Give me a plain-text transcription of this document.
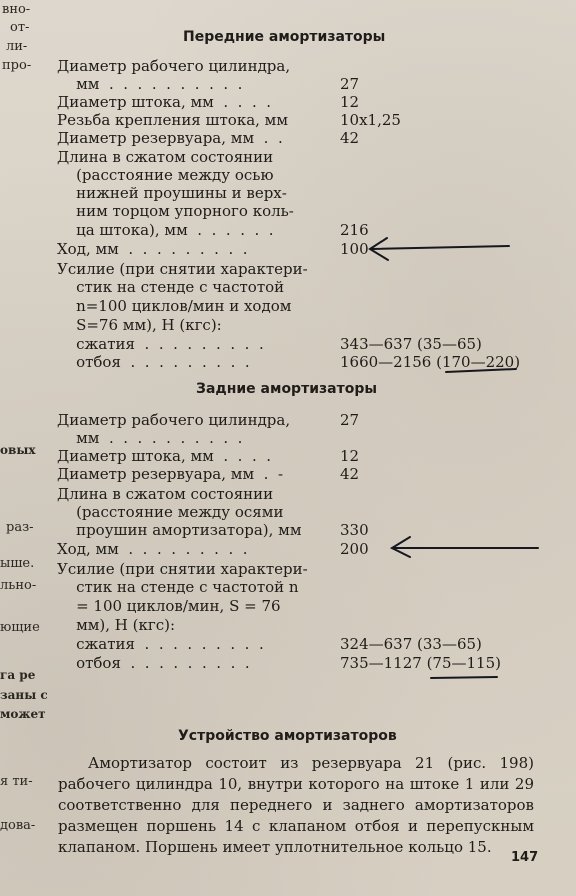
вно-
от-
ли-
про-
овых
раз-
ыше.
льно-
ющие
га ре
заны с
может
я ти-
дова-
Передние амортизаторы
Диаметр рабочего цилиндра,
мм  .  .  .  .  .  .  .  .  .  .	27
Диаметр штока, мм  .  .  .  .	12
Резьба крепления штока, мм	10х1,25
Диаметр резервуара, мм  .  .	42
Длина в сжатом состоянии
(расстояние между осью
нижней проушины и верх-
ним торцом упорного коль-
ца штока), мм  .  .  .  .  .  .	216
Ход, мм  .  .  .  .  .  .  .  .  .	100
Усилие (при снятии характери-
стик на стенде с частотой
n=100 циклов/мин и ходом
S=76 мм), Н (кгс):
сжатия  .  .  .  .  .  .  .  .  .	343—637 (35—65)
отбоя  .  .  .  .  .  .  .  .  .	1660—2156 (170—220)
Задние амортизаторы
Диаметр рабочего цилиндра,	27
мм  .  .  .  .  .  .  .  .  .  .
Диаметр штока, мм  .  .  .  .	12
Диаметр резервуара, мм  .  -	42
Длина в сжатом состоянии
(расстояние между осями
проушин амортизатора), мм	330
Ход, мм  .  .  .  .  .  .  .  .  .	200
Усилие (при снятии характери-
стик на стенде с частотой n
= 100 циклов/мин, S = 76
мм), Н (кгс):
сжатия  .  .  .  .  .  .  .  .  .	324—637 (33—65)
отбоя  .  .  .  .  .  .  .  .  .	735—1127 (75—115)
Устройство амортизаторов
Амортизатор состоит из резервуара 21 (рис. 198) рабочего цилиндра 10, внутри которого на штоке 1 или 29 соответственно для переднего и заднего амортизаторов размещен поршень 14 с клапаном отбоя и перепускным клапаном. Поршень имеет уплотнительное кольцо 15.
147
